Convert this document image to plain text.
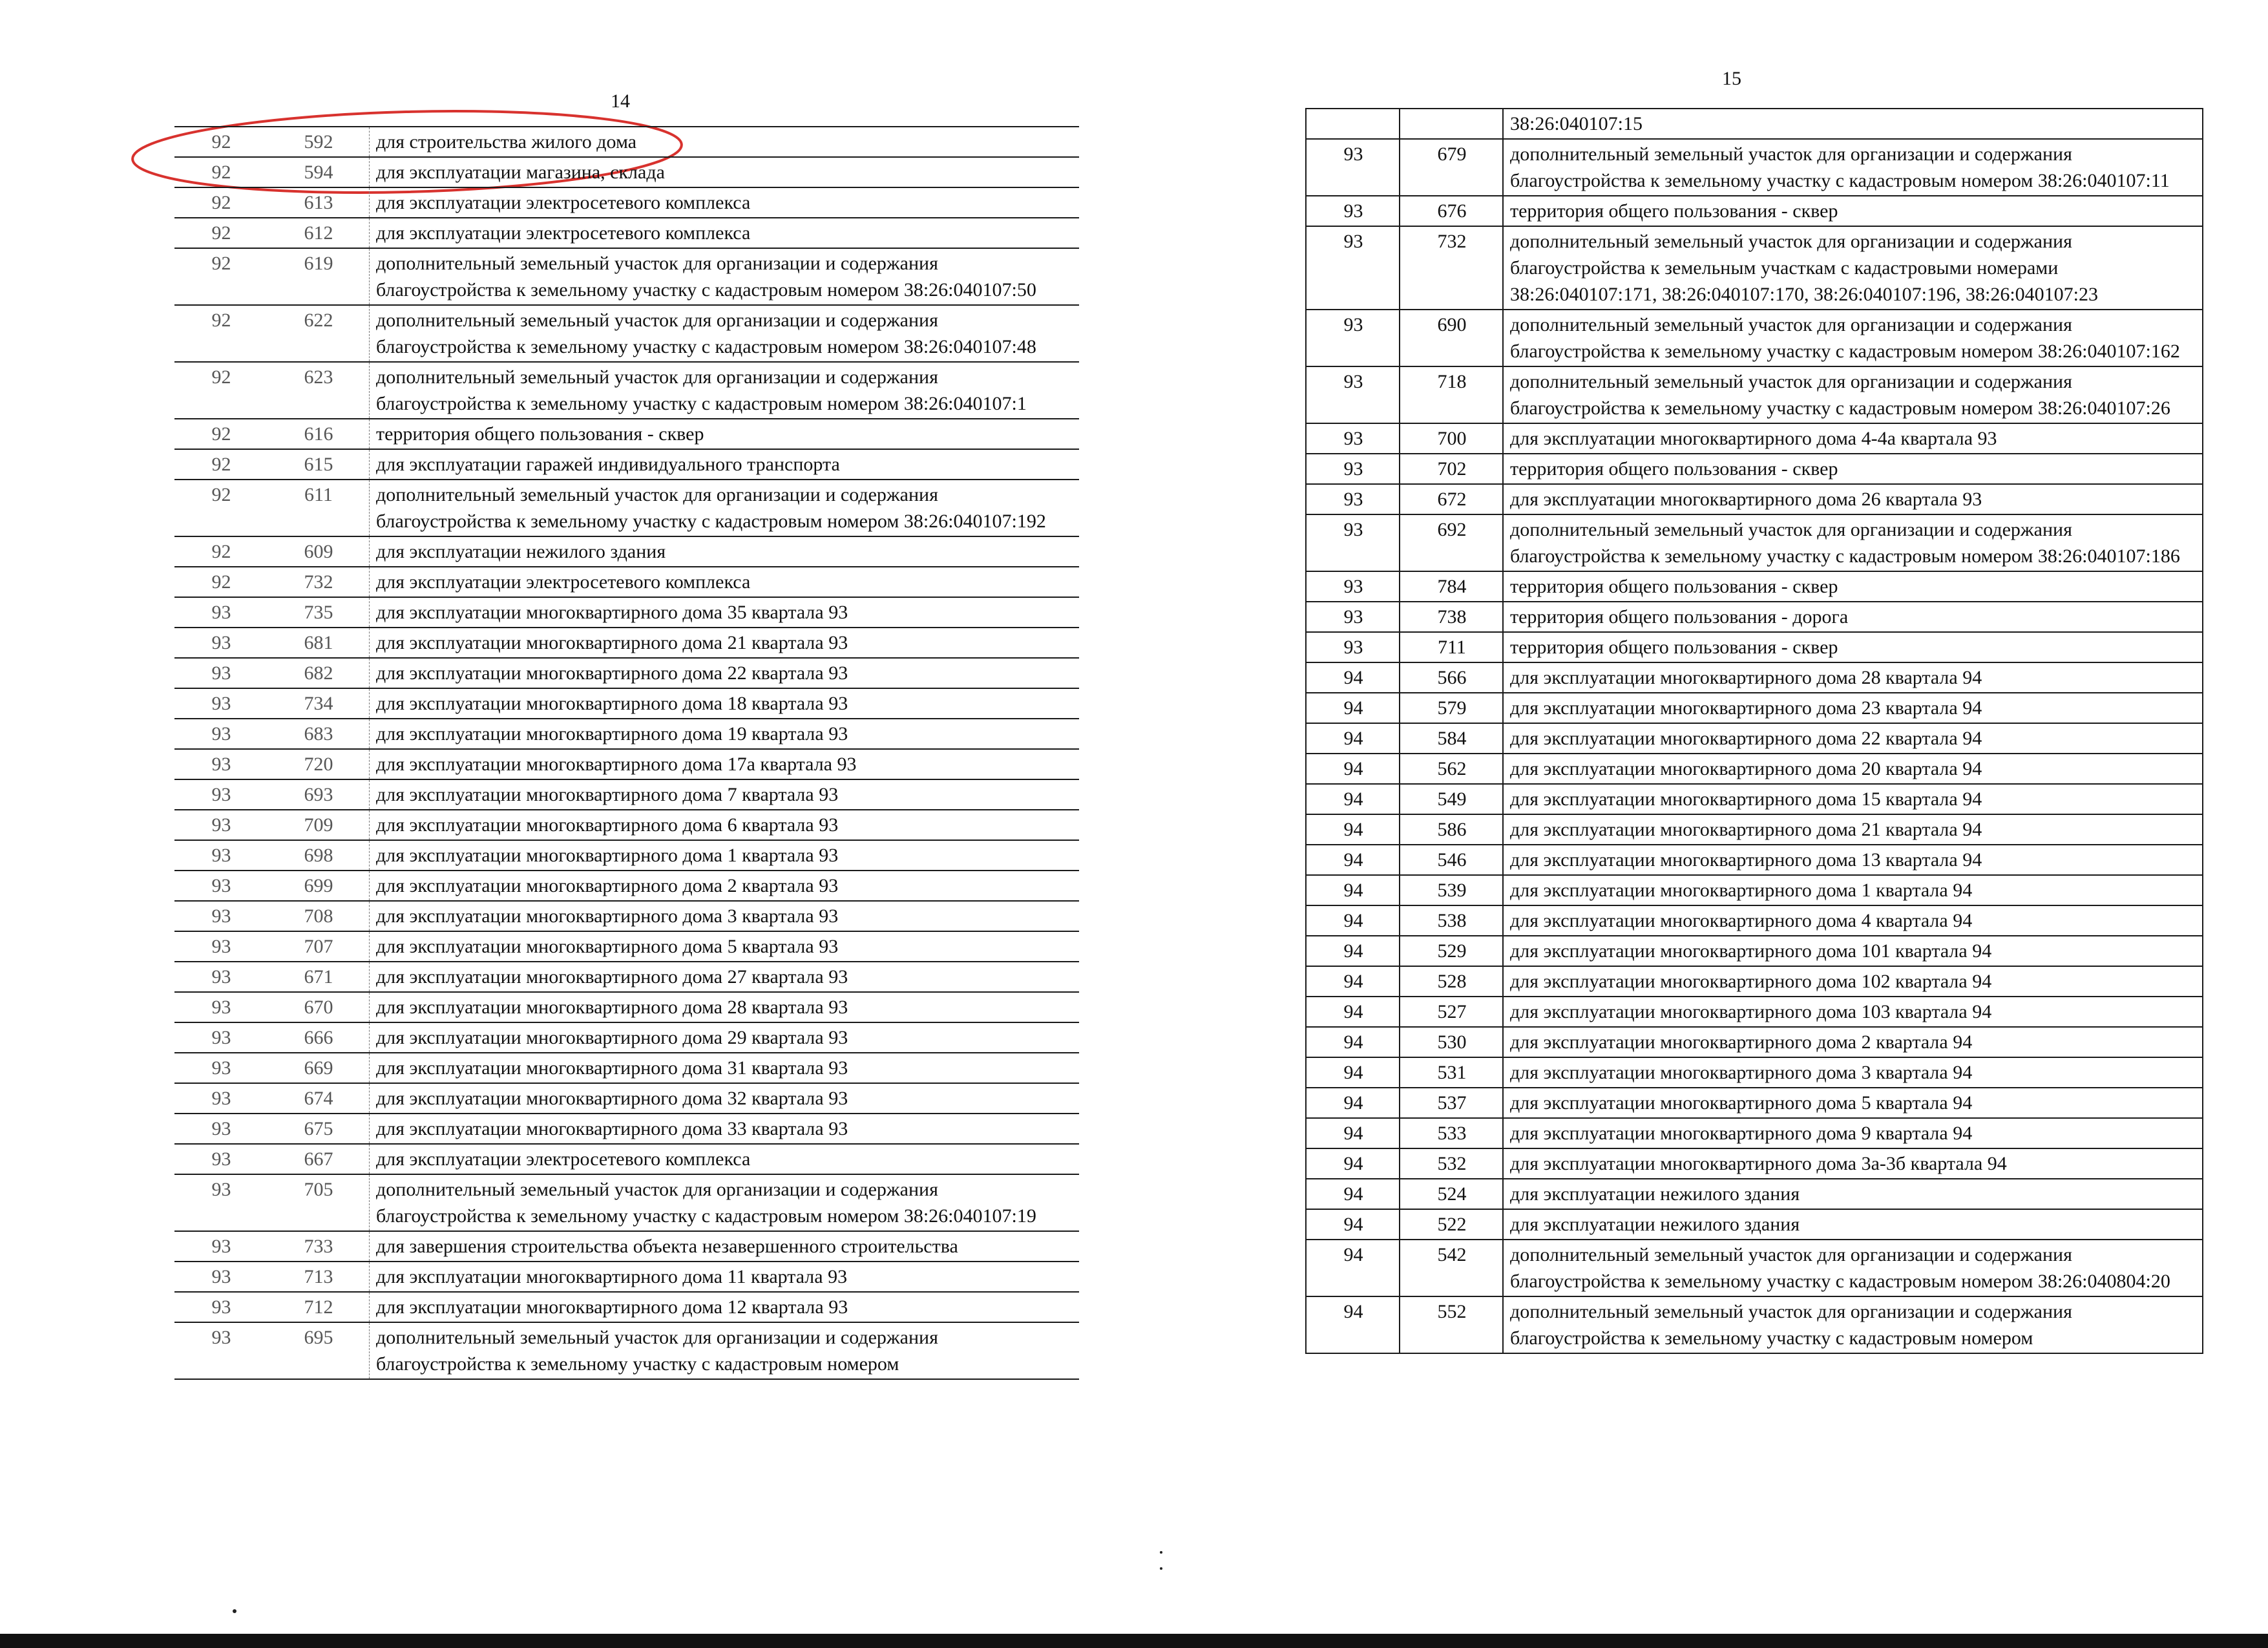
14
92	592	для строительства жилого дома
92	594	для эксплуатации магазина, склада
92	613	для эксплуатации электросетевого комплекса
92	612	для эксплуатации электросетевого комплекса
92	619	дополнительный земельный участок для организации и содержания благоустройства к земельному участку с кадастровым номером 38:26:040107:50
92	622	дополнительный земельный участок для организации и содержания благоустройства к земельному участку с кадастровым номером 38:26:040107:48
92	623	дополнительный земельный участок для организации и содержания благоустройства к земельному участку с кадастровым номером 38:26:040107:1
92	616	территория общего пользования - сквер
92	615	для эксплуатации гаражей индивидуального транспорта
92	611	дополнительный земельный участок для организации и содержания благоустройства к земельному участку с кадастровым номером 38:26:040107:192
92	609	для эксплуатации нежилого здания
92	732	для эксплуатации электросетевого комплекса
93	735	для эксплуатации многоквартирного дома 35 квартала 93
93	681	для эксплуатации многоквартирного дома 21 квартала 93
93	682	для эксплуатации многоквартирного дома 22 квартала 93
93	734	для эксплуатации многоквартирного дома 18 квартала 93
93	683	для эксплуатации многоквартирного дома 19 квартала 93
93	720	для эксплуатации многоквартирного дома 17а квартала 93
93	693	для эксплуатации многоквартирного дома 7 квартала 93
93	709	для эксплуатации многоквартирного дома 6 квартала 93
93	698	для эксплуатации многоквартирного дома 1 квартала 93
93	699	для эксплуатации многоквартирного дома 2 квартала 93
93	708	для эксплуатации многоквартирного дома 3 квартала 93
93	707	для эксплуатации многоквартирного дома 5 квартала 93
93	671	для эксплуатации многоквартирного дома 27 квартала 93
93	670	для эксплуатации многоквартирного дома 28 квартала 93
93	666	для эксплуатации многоквартирного дома 29 квартала 93
93	669	для эксплуатации многоквартирного дома 31 квартала 93
93	674	для эксплуатации многоквартирного дома 32 квартала 93
93	675	для эксплуатации многоквартирного дома 33 квартала 93
93	667	для эксплуатации электросетевого комплекса
93	705	дополнительный земельный участок для организации и содержания благоустройства к земельному участку с кадастровым номером 38:26:040107:19
93	733	для завершения строительства объекта незавершенного строительства
93	713	для эксплуатации многоквартирного дома 11 квартала 93
93	712	для эксплуатации многоквартирного дома 12 квартала 93
93	695	дополнительный земельный участок для организации и содержания благоустройства к земельному участку с кадастровым номером
15
		38:26:040107:15
93	679	дополнительный земельный участок для организации и содержания благоустройства к земельному участку с кадастровым номером 38:26:040107:11
93	676	территория общего пользования - сквер
93	732	дополнительный земельный участок для организации и содержания благоустройства к земельным участкам с кадастровыми номерами 38:26:040107:171, 38:26:040107:170, 38:26:040107:196, 38:26:040107:23
93	690	дополнительный земельный участок для организации и содержания благоустройства к земельному участку с кадастровым номером 38:26:040107:162
93	718	дополнительный земельный участок для организации и содержания благоустройства к земельному участку с кадастровым номером 38:26:040107:26
93	700	для эксплуатации многоквартирного дома 4-4а квартала 93
93	702	территория общего пользования - сквер
93	672	для эксплуатации многоквартирного дома 26 квартала 93
93	692	дополнительный земельный участок для организации и содержания благоустройства к земельному участку с кадастровым номером 38:26:040107:186
93	784	территория общего пользования - сквер
93	738	территория общего пользования - дорога
93	711	территория общего пользования - сквер
94	566	для эксплуатации многоквартирного дома 28 квартала 94
94	579	для эксплуатации многоквартирного дома 23 квартала 94
94	584	для эксплуатации многоквартирного дома 22 квартала 94
94	562	для эксплуатации многоквартирного дома 20 квартала 94
94	549	для эксплуатации многоквартирного дома 15 квартала 94
94	586	для эксплуатации многоквартирного дома 21 квартала 94
94	546	для эксплуатации многоквартирного дома 13 квартала 94
94	539	для эксплуатации многоквартирного дома 1 квартала 94
94	538	для эксплуатации многоквартирного дома 4 квартала 94
94	529	для эксплуатации многоквартирного дома 101 квартала 94
94	528	для эксплуатации многоквартирного дома 102 квартала 94
94	527	для эксплуатации многоквартирного дома 103 квартала 94
94	530	для эксплуатации многоквартирного дома 2 квартала 94
94	531	для эксплуатации многоквартирного дома 3 квартала 94
94	537	для эксплуатации многоквартирного дома 5 квартала 94
94	533	для эксплуатации многоквартирного дома 9 квартала 94
94	532	для эксплуатации многоквартирного дома 3а-3б квартала 94
94	524	для эксплуатации нежилого здания
94	522	для эксплуатации нежилого здания
94	542	дополнительный земельный участок для организации и содержания благоустройства к земельному участку с кадастровым номером 38:26:040804:20
94	552	дополнительный земельный участок для организации и содержания благоустройства к земельному участку с кадастровым номером
